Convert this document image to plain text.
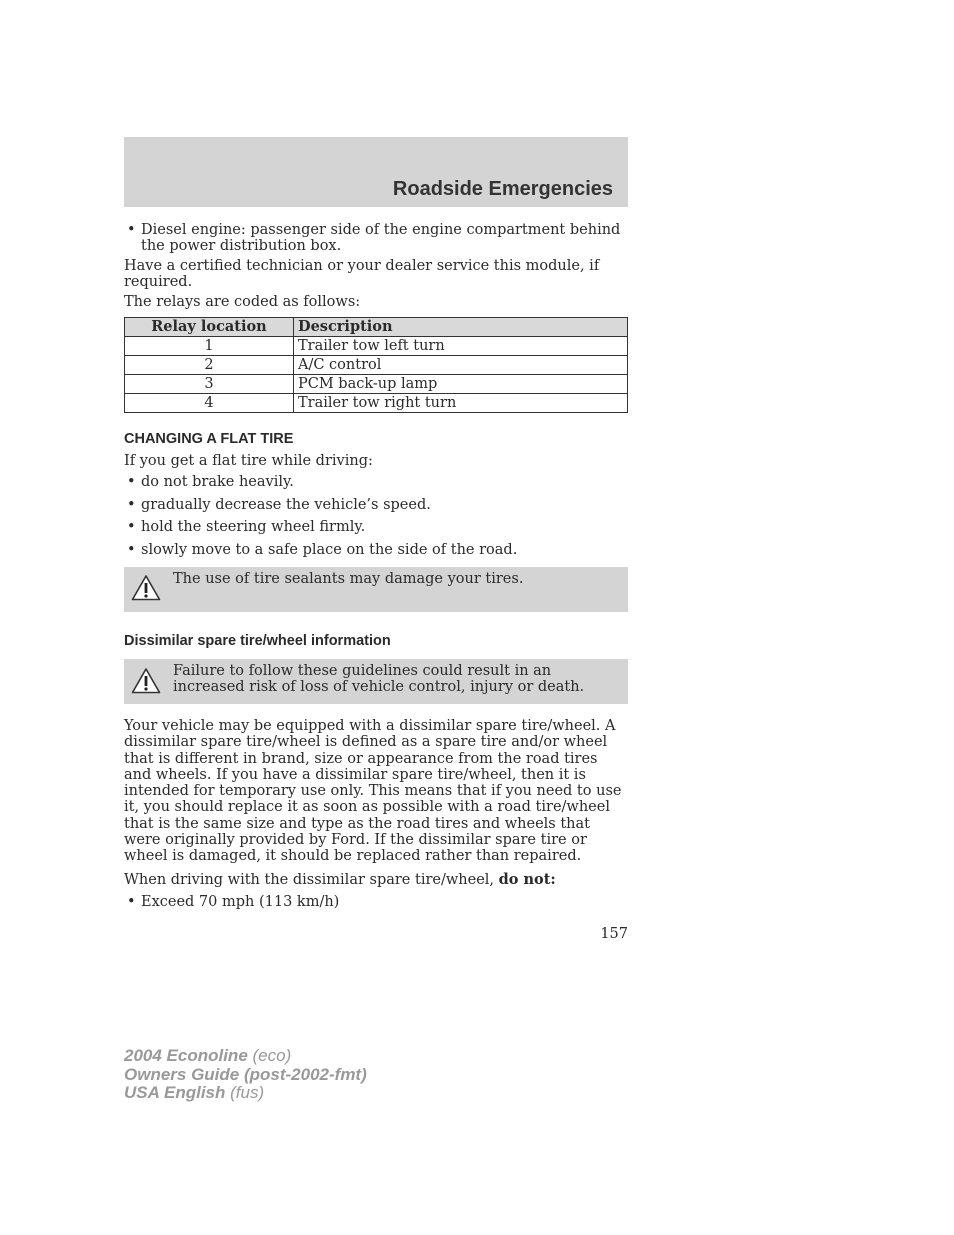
Roadside Emergencies
• Diesel engine: passenger side of the engine compartment behind the power distribution box.
Have a certified technician or your dealer service this module, if required.
The relays are coded as follows:
Relay location	Description
1	Trailer tow left turn
2	A/C control
3	PCM back-up lamp
4	Trailer tow right turn
CHANGING A FLAT TIRE
If you get a flat tire while driving:
• do not brake heavily.
• gradually decrease the vehicle’s speed.
• hold the steering wheel firmly.
• slowly move to a safe place on the side of the road.
The use of tire sealants may damage your tires.
Dissimilar spare tire/wheel information
Failure to follow these guidelines could result in an increased risk of loss of vehicle control, injury or death.
Your vehicle may be equipped with a dissimilar spare tire/wheel. A dissimilar spare tire/wheel is defined as a spare tire and/or wheel that is different in brand, size or appearance from the road tires and wheels. If you have a dissimilar spare tire/wheel, then it is intended for temporary use only. This means that if you need to use it, you should replace it as soon as possible with a road tire/wheel that is the same size and type as the road tires and wheels that were originally provided by Ford. If the dissimilar spare tire or wheel is damaged, it should be replaced rather than repaired.
When driving with the dissimilar spare tire/wheel, do not:
• Exceed 70 mph (113 km/h)
157
2004 Econoline (eco)
Owners Guide (post-2002-fmt)
USA English (fus)
